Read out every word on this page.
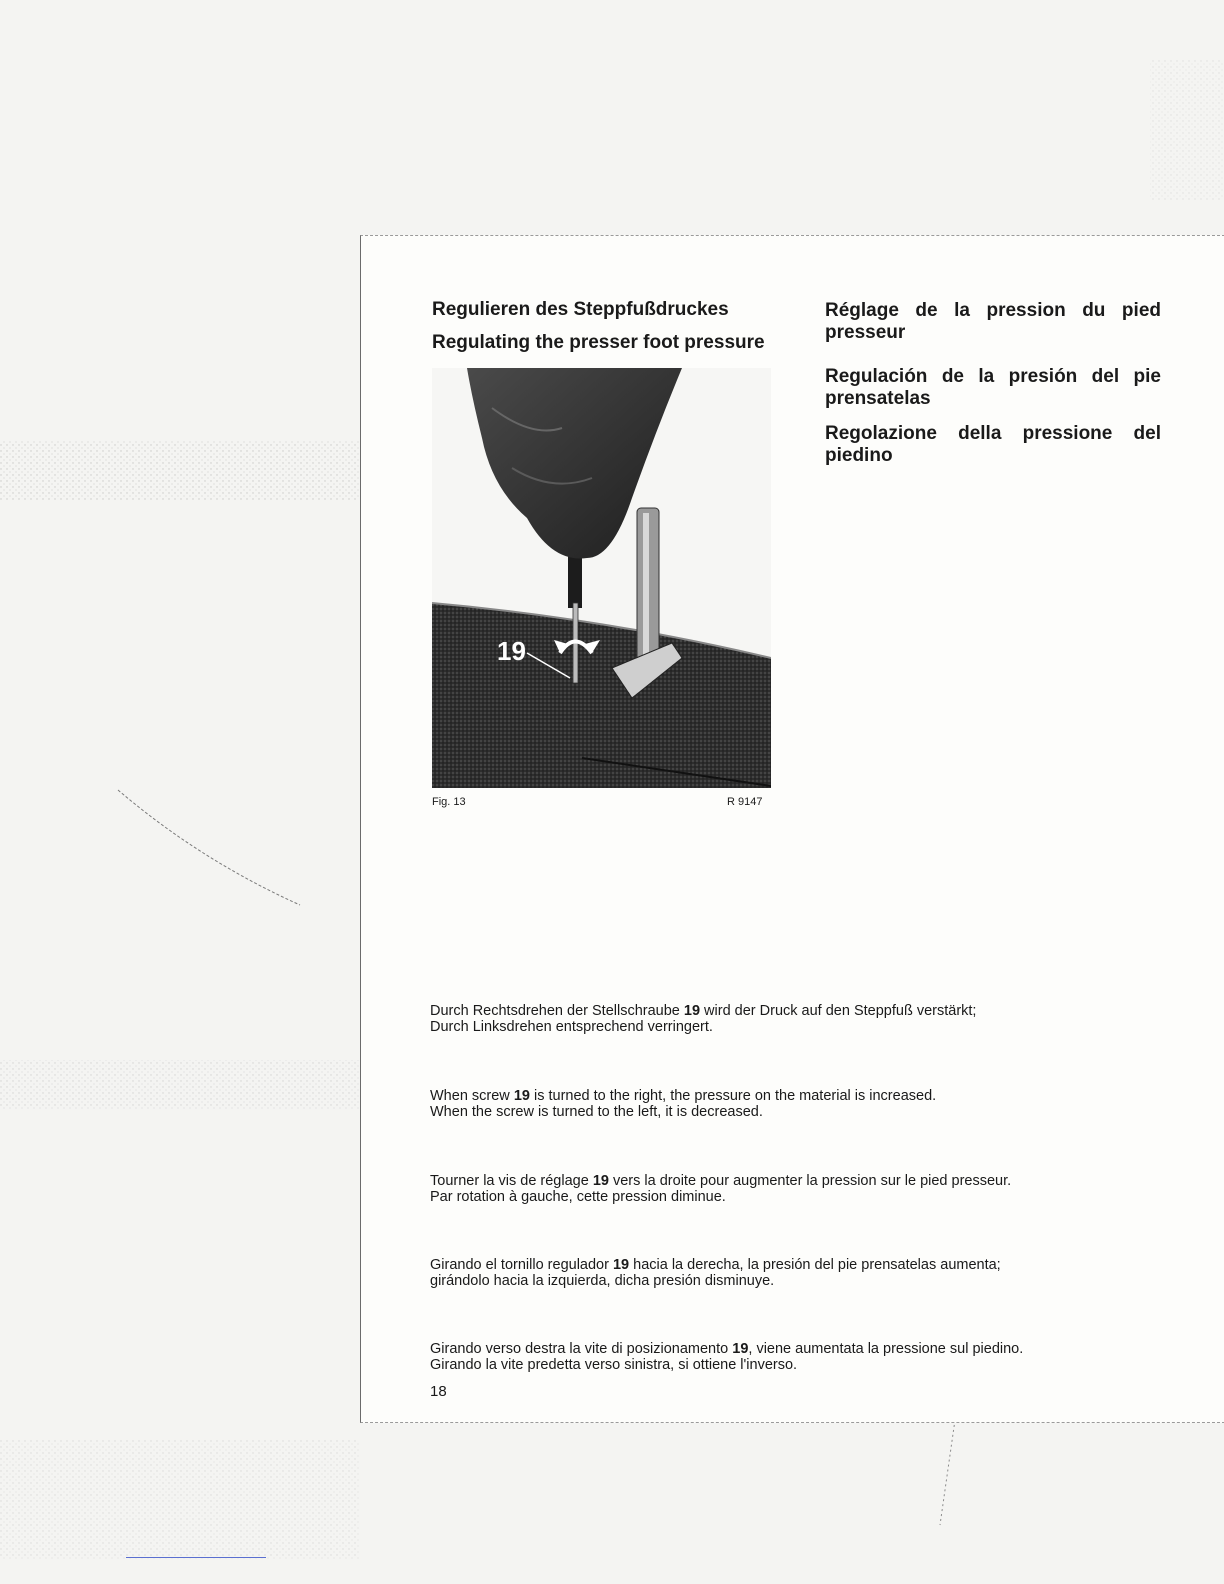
Regulieren des Steppfußdruckes
Regulating the presser foot pressure
Réglage de la pression du pied presseur
Regulación de la presión del pie prensatelas
Regolazione della pressione del piedino
19
Fig. 13	R 9147

Durch Rechtsdrehen der Stellschraube 19 wird der Druck auf den Steppfuß verstärkt;
Durch Linksdrehen entsprechend verringert.

When screw 19 is turned to the right, the pressure on the material is increased.
When the screw is turned to the left, it is decreased.

Tourner la vis de réglage 19 vers la droite pour augmenter la pression sur le pied presseur.
Par rotation à gauche, cette pression diminue.

Girando el tornillo regulador 19 hacia la derecha, la presión del pie prensatelas aumenta;
girándolo hacia la izquierda, dicha presión disminuye.

Girando verso destra la vite di posizionamento 19, viene aumentata la pressione sul piedino.
Girando la vite predetta verso sinistra, si ottiene l'inverso.

18
